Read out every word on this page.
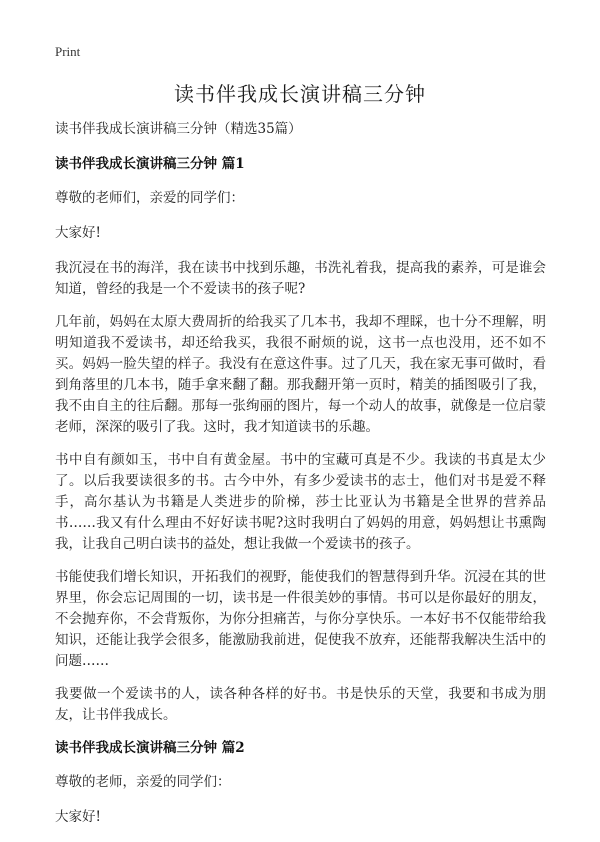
Print
读书伴我成长演讲稿三分钟

读书伴我成长演讲稿三分钟（精选35篇）

读书伴我成长演讲稿三分钟 篇1

尊敬的老师们，亲爱的同学们：

大家好!

我沉浸在书的海洋，我在读书中找到乐趣，书洗礼着我，提高我的素养，可是谁会知道，曾经的我是一个不爱读书的孩子呢?

几年前，妈妈在太原大费周折的给我买了几本书，我却不理睬，也十分不理解，明明知道我不爱读书，却还给我买，我很不耐烦的说，这书一点也没用，还不如不买。妈妈一脸失望的样子。我没有在意这件事。过了几天，我在家无事可做时，看到角落里的几本书，随手拿来翻了翻。那我翻开第一页时，精美的插图吸引了我，我不由自主的往后翻。那每一张绚丽的图片，每一个动人的故事，就像是一位启蒙老师，深深的吸引了我。这时，我才知道读书的乐趣。

书中自有颜如玉，书中自有黄金屋。书中的宝藏可真是不少。我读的书真是太少了。以后我要读很多的书。古今中外，有多少爱读书的志士，他们对书是爱不释手，高尔基认为书籍是人类进步的阶梯，莎士比亚认为书籍是全世界的营养品书……我又有什么理由不好好读书呢?这时我明白了妈妈的用意，妈妈想让书熏陶我，让我自己明白读书的益处，想让我做一个爱读书的孩子。

书能使我们增长知识，开拓我们的视野，能使我们的智慧得到升华。沉浸在其的世界里，你会忘记周围的一切，读书是一件很美妙的事情。书可以是你最好的朋友，不会抛弃你，不会背叛你，为你分担痛苦，与你分享快乐。一本好书不仅能带给我知识，还能让我学会很多，能激励我前进，促使我不放弃，还能帮我解决生活中的问题……

我要做一个爱读书的人，读各种各样的好书。书是快乐的天堂，我要和书成为朋友，让书伴我成长。

读书伴我成长演讲稿三分钟 篇2

尊敬的老师，亲爱的同学们：

大家好!
